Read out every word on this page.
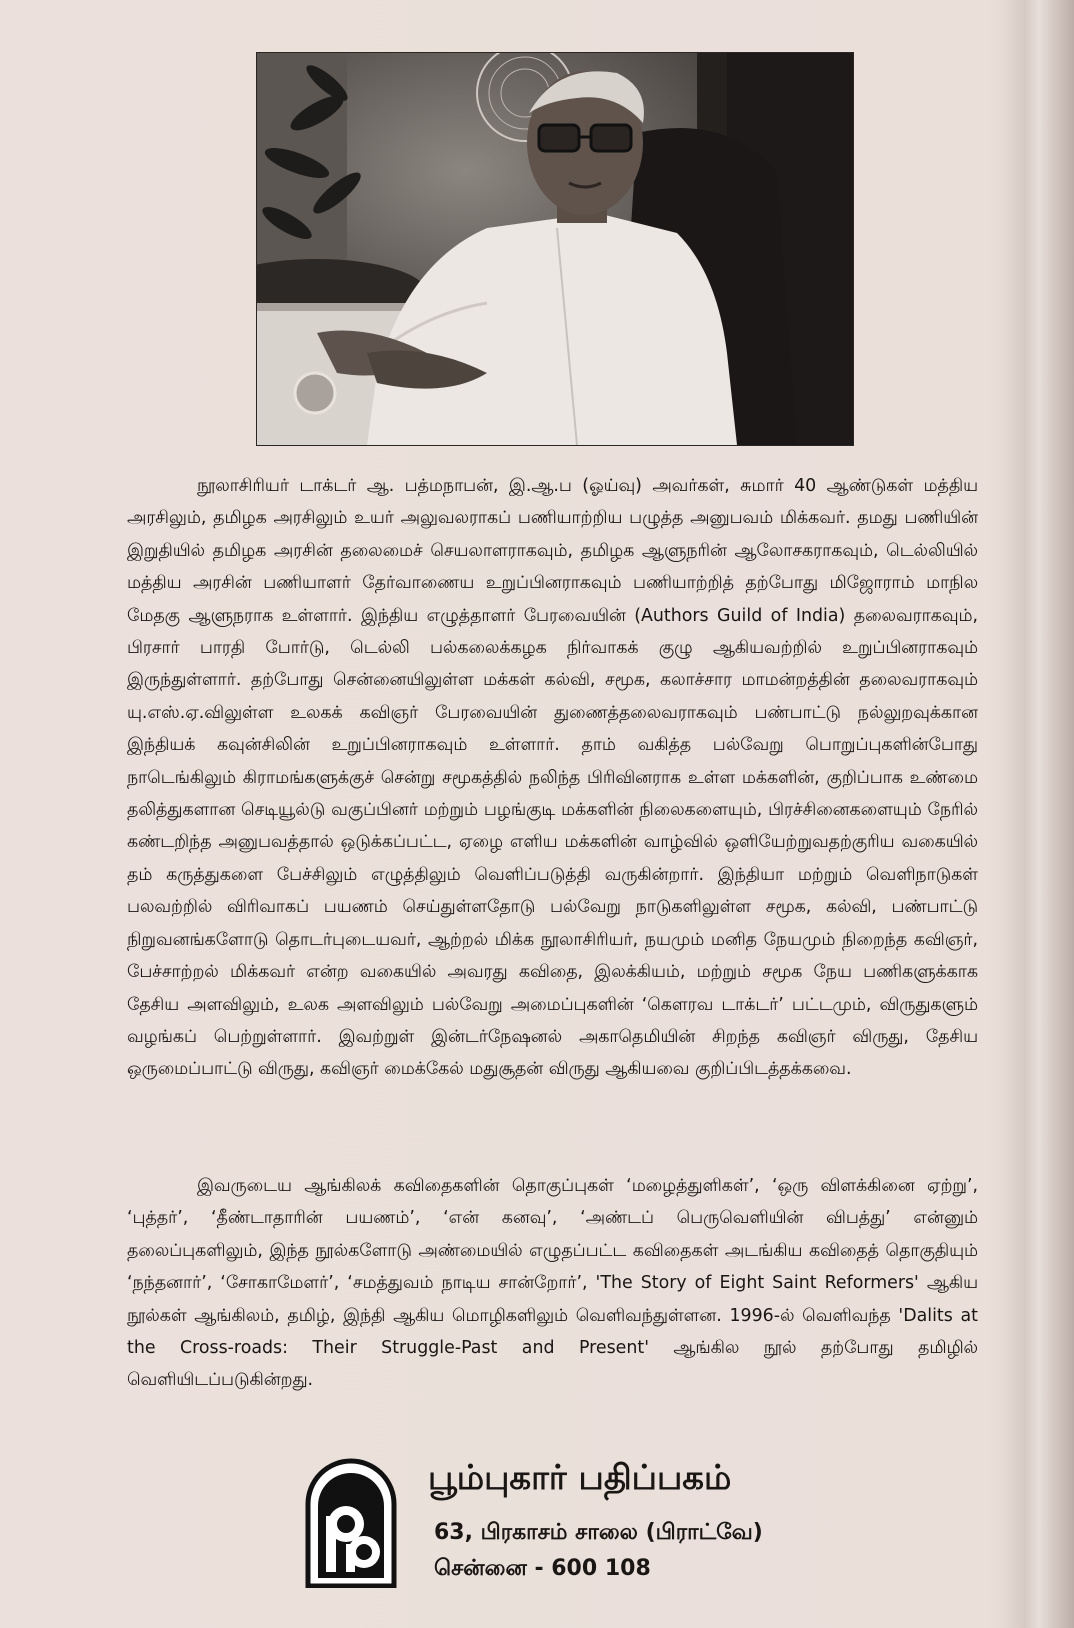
நூலாசிரியர் டாக்டர் ஆ. பத்மநாபன், இ.ஆ.ப (ஓய்வு) அவர்கள், சுமார் 40 ஆண்டுகள் மத்திய அரசிலும், தமிழக அரசிலும் உயர் அலுவலராகப் பணியாற்றிய பழுத்த அனுபவம் மிக்கவர். தமது பணியின் இறுதியில் தமிழக அரசின் தலைமைச் செயலாளராகவும், தமிழக ஆளுநரின் ஆலோசகராகவும், டெல்லியில் மத்திய அரசின் பணியாளர் தேர்வாணைய உறுப்பினராகவும் பணியாற்றித் தற்போது மிஜோராம் மாநில மேதகு ஆளுநராக உள்ளார். இந்திய எழுத்தாளர் பேரவையின் (Authors Guild of India) தலைவராகவும், பிரசார் பாரதி போர்டு, டெல்லி பல்கலைக்கழக நிர்வாகக் குழு ஆகியவற்றில் உறுப்பினராகவும் இருந்துள்ளார். தற்போது சென்னையிலுள்ள மக்கள் கல்வி, சமூக, கலாச்சார மாமன்றத்தின் தலைவராகவும் யு.எஸ்.ஏ.விலுள்ள உலகக் கவிஞர் பேரவையின் துணைத்தலைவராகவும் பண்பாட்டு நல்லுறவுக்கான இந்தியக் கவுன்சிலின் உறுப்பினராகவும் உள்ளார். தாம் வகித்த பல்வேறு பொறுப்புகளின்போது நாடெங்கிலும் கிராமங்களுக்குச் சென்று சமூகத்தில் நலிந்த பிரிவினராக உள்ள மக்களின், குறிப்பாக உண்மை தலித்துகளான செடியூல்டு வகுப்பினர் மற்றும் பழங்குடி மக்களின் நிலைகளையும், பிரச்சினைகளையும் நேரில் கண்டறிந்த அனுபவத்தால் ஒடுக்கப்பட்ட, ஏழை எளிய மக்களின் வாழ்வில் ஒளியேற்றுவதற்குரிய வகையில் தம் கருத்துகளை பேச்சிலும் எழுத்திலும் வெளிப்படுத்தி வருகின்றார். இந்தியா மற்றும் வெளிநாடுகள் பலவற்றில் விரிவாகப் பயணம் செய்துள்ளதோடு பல்வேறு நாடுகளிலுள்ள சமூக, கல்வி, பண்பாட்டு நிறுவனங்களோடு தொடர்புடையவர், ஆற்றல் மிக்க நூலாசிரியர், நயமும் மனித நேயமும் நிறைந்த கவிஞர், பேச்சாற்றல் மிக்கவர் என்ற வகையில் அவரது கவிதை, இலக்கியம், மற்றும் சமூக நேய பணிகளுக்காக தேசிய அளவிலும், உலக அளவிலும் பல்வேறு அமைப்புகளின் ‘கௌரவ டாக்டர்’ பட்டமும், விருதுகளும் வழங்கப் பெற்றுள்ளார். இவற்றுள் இன்டர்நேஷனல் அகாதெமியின் சிறந்த கவிஞர் விருது, தேசிய ஒருமைப்பாட்டு விருது, கவிஞர் மைக்கேல் மதுசூதன் விருது ஆகியவை குறிப்பிடத்தக்கவை.

இவருடைய ஆங்கிலக் கவிதைகளின் தொகுப்புகள் ‘மழைத்துளிகள்’, ‘ஒரு விளக்கினை ஏற்று’, ‘புத்தர்’, ‘தீண்டாதாரின் பயணம்’, ‘என் கனவு’, ‘அண்டப் பெருவெளியின் விபத்து’ என்னும் தலைப்புகளிலும், இந்த நூல்களோடு அண்மையில் எழுதப்பட்ட கவிதைகள் அடங்கிய கவிதைத் தொகுதியும் ‘நந்தனார்’, ‘சோகாமேளர்’, ‘சமத்துவம் நாடிய சான்றோர்’, 'The Story of Eight Saint Reformers' ஆகிய நூல்கள் ஆங்கிலம், தமிழ், இந்தி ஆகிய மொழிகளிலும் வெளிவந்துள்ளன. 1996-ல் வெளிவந்த 'Dalits at the Cross-roads: Their Struggle-Past and Present' ஆங்கில நூல் தற்போது தமிழில் வெளியிடப்படுகின்றது.

பூம்புகார் பதிப்பகம்

63, பிரகாசம் சாலை (பிராட்வே)

சென்னை - 600 108
